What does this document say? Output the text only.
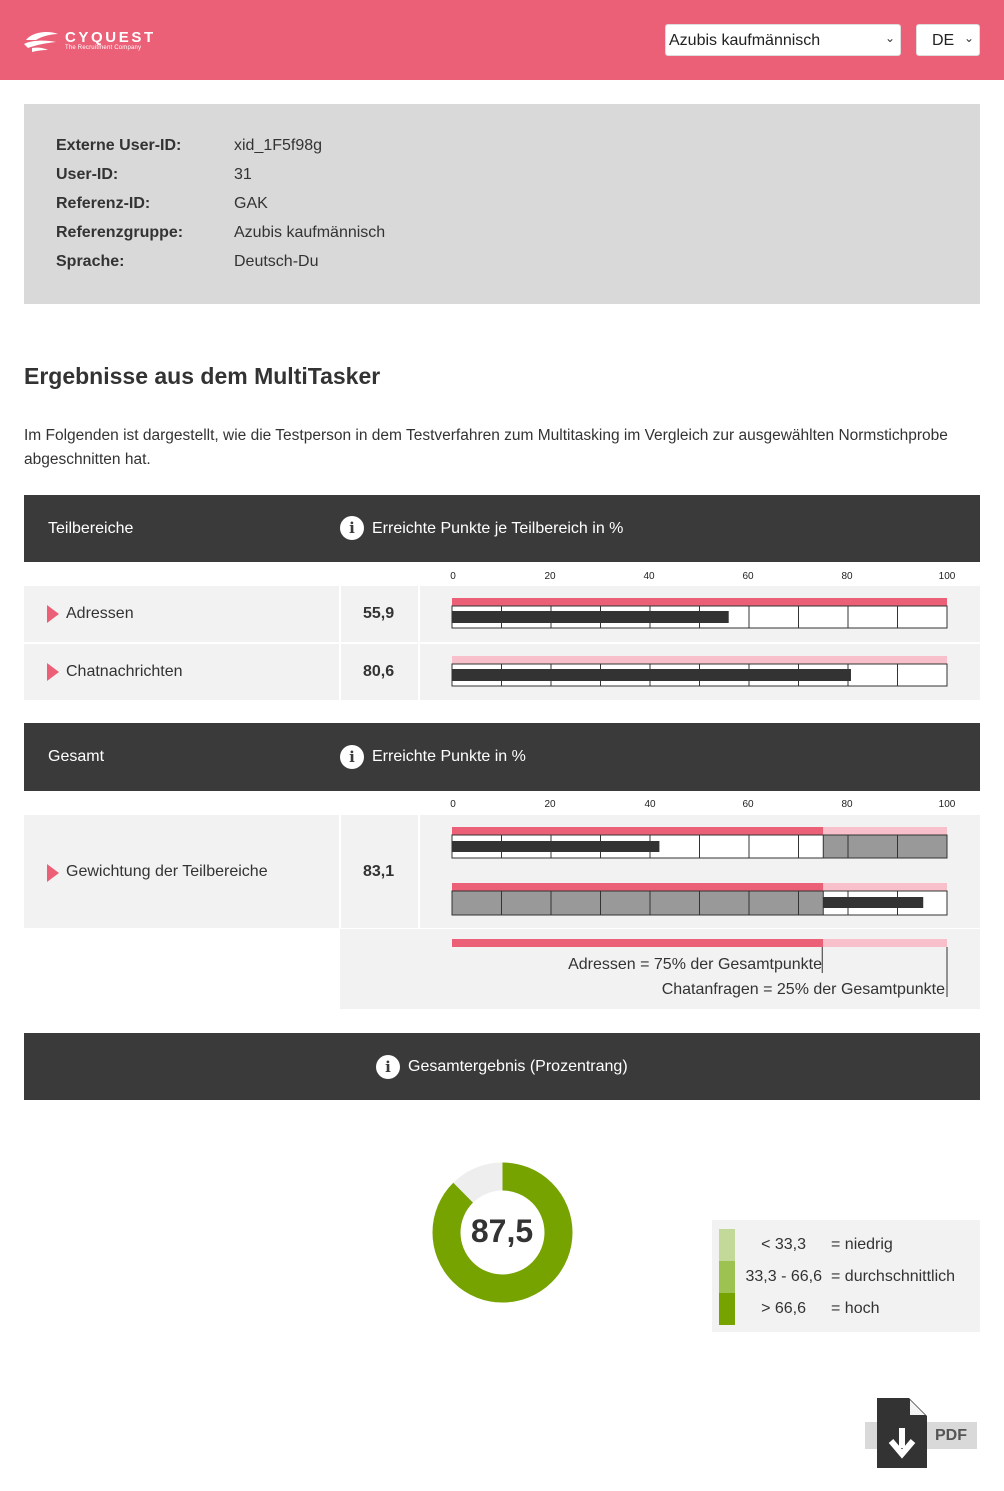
CYQUEST
The Recruitment Company	Azubis kaufmännisch	⌄	DE ⌄
Externe User-ID:	xid_1F5f98g
User-ID:	31
Referenz-ID:	GAK
Referenzgruppe:	Azubis kaufmännisch
Sprache:	Deutsch-Du
Ergebnisse aus dem MultiTasker

Im Folgenden ist dargestellt, wie die Testperson in dem Testverfahren zum Multitasking im Vergleich zur ausgewählten Normstichprobe abgeschnitten hat.

Teilbereiche	i	Erreichte Punkte je Teilbereich in %
0	20	40	60	80	100
Adressen	55,9
Chatnachrichten	80,6
Gesamt	i	Erreichte Punkte in %
0	20	40	60	80	100
Gewichtung der Teilbereiche	83,1
Adressen = 75% der Gesamtpunkte
Chatanfragen = 25% der Gesamtpunkte
i	Gesamtergebnis (Prozentrang)
87,5	< 33,3 = niedrig
33,3 - 66,6 = durchschnittlich
> 66,6 = hoch
PDF
